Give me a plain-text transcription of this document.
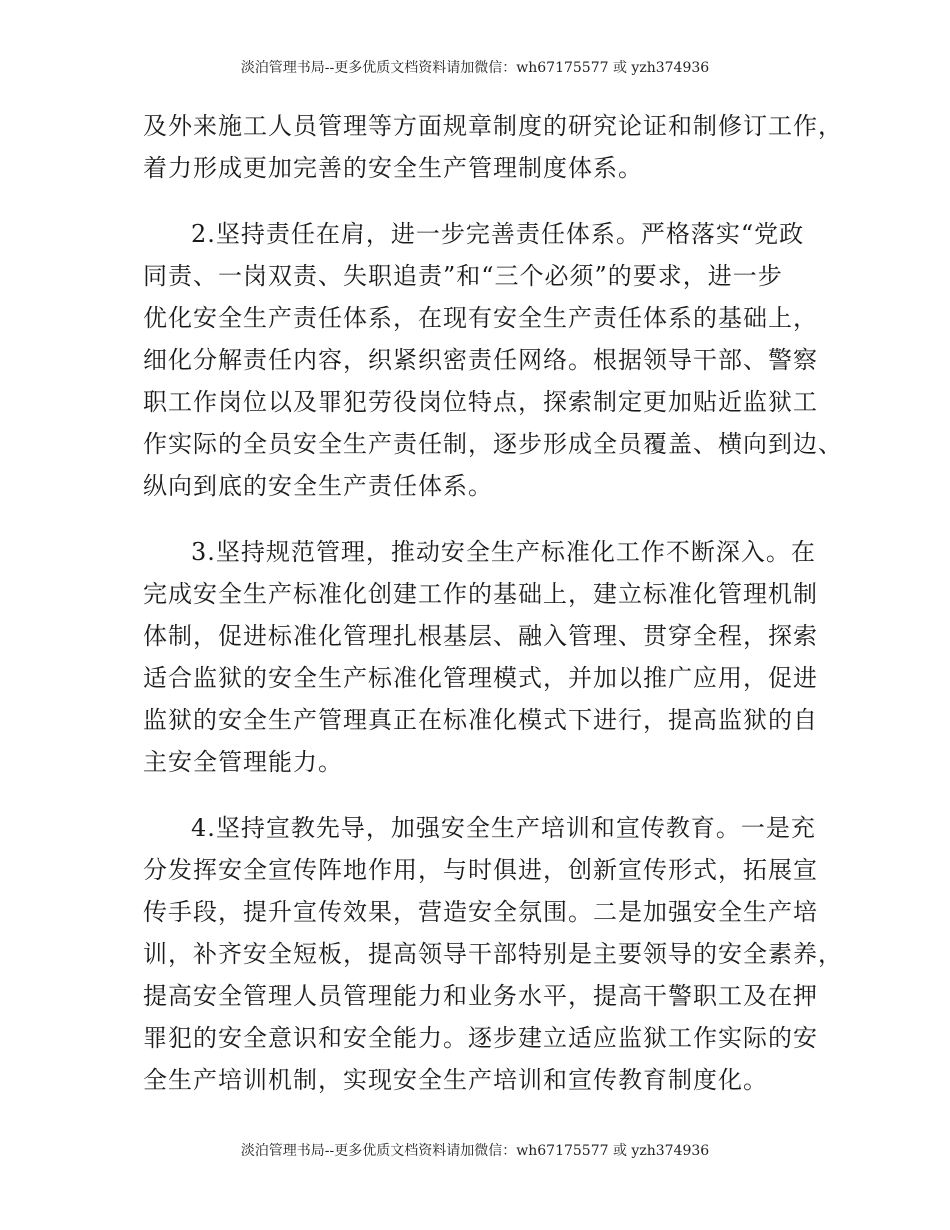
淡泊管理书局--更多优质文档资料请加微信：wh67175577 或 yzh374936
及外来施工人员管理等方面规章制度的研究论证和制修订工作，
着力形成更加完善的安全生产管理制度体系。
2.坚持责任在肩，进一步完善责任体系。严格落实“党政
同责、一岗双责、失职追责”和“三个必须”的要求，进一步
优化安全生产责任体系，在现有安全生产责任体系的基础上，
细化分解责任内容，织紧织密责任网络。根据领导干部、警察
职工作岗位以及罪犯劳役岗位特点，探索制定更加贴近监狱工
作实际的全员安全生产责任制，逐步形成全员覆盖、横向到边、
纵向到底的安全生产责任体系。
3.坚持规范管理，推动安全生产标准化工作不断深入。在
完成安全生产标准化创建工作的基础上，建立标准化管理机制
体制，促进标准化管理扎根基层、融入管理、贯穿全程，探索
适合监狱的安全生产标准化管理模式，并加以推广应用，促进
监狱的安全生产管理真正在标准化模式下进行，提高监狱的自
主安全管理能力。
4.坚持宣教先导，加强安全生产培训和宣传教育。一是充
分发挥安全宣传阵地作用，与时俱进，创新宣传形式，拓展宣
传手段，提升宣传效果，营造安全氛围。二是加强安全生产培
训，补齐安全短板，提高领导干部特别是主要领导的安全素养，
提高安全管理人员管理能力和业务水平，提高干警职工及在押
罪犯的安全意识和安全能力。逐步建立适应监狱工作实际的安
全生产培训机制，实现安全生产培训和宣传教育制度化。
淡泊管理书局--更多优质文档资料请加微信：wh67175577 或 yzh374936
